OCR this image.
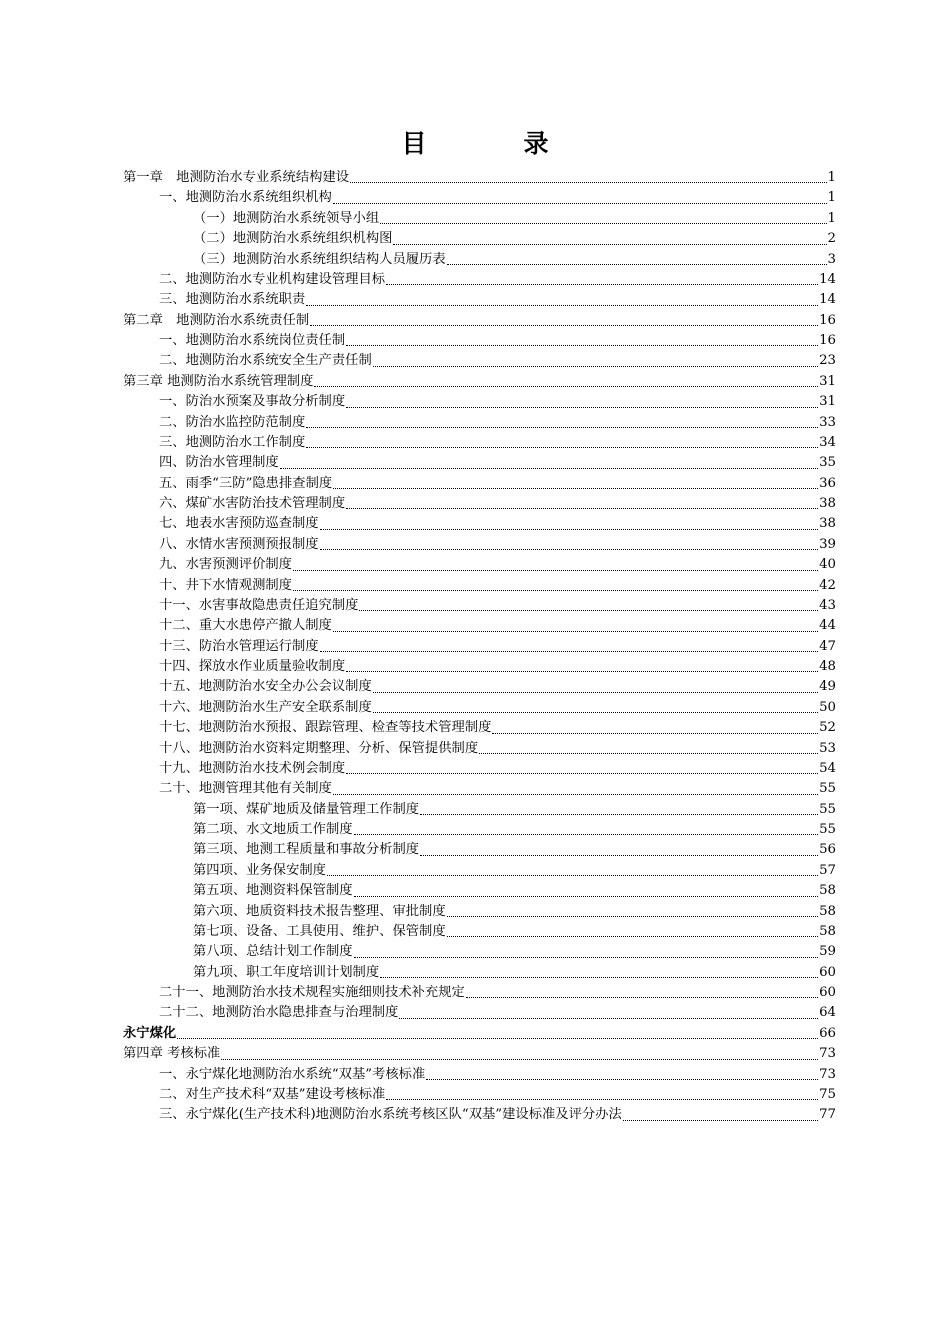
目　录
第一章　地测防治水专业系统结构建设	1
一、地测防治水系统组织机构	1
（一）地测防治水系统领导小组	1
（二）地测防治水系统组织机构图	2
（三）地测防治水系统组织结构人员履历表	3
二、地测防治水专业机构建设管理目标	14
三、地测防治水系统职责	14
第二章　地测防治水系统责任制	16
一、地测防治水系统岗位责任制	16
二、地测防治水系统安全生产责任制	23
第三章 地测防治水系统管理制度	31
一、防治水预案及事故分析制度	31
二、防治水监控防范制度	33
三、地测防治水工作制度	34
四、防治水管理制度	35
五、雨季“三防”隐患排查制度	36
六、煤矿水害防治技术管理制度	38
七、地表水害预防巡查制度	38
八、水情水害预测预报制度	39
九、水害预测评价制度	40
十、井下水情观测制度	42
十一、水害事故隐患责任追究制度	43
十二、重大水患停产撤人制度	44
十三、防治水管理运行制度	47
十四、探放水作业质量验收制度	48
十五、地测防治水安全办公会议制度	49
十六、地测防治水生产安全联系制度	50
十七、地测防治水预报、跟踪管理、检查等技术管理制度	52
十八、地测防治水资料定期整理、分析、保管提供制度	53
十九、地测防治水技术例会制度	54
二十、地测管理其他有关制度	55
第一项、煤矿地质及储量管理工作制度	55
第二项、水文地质工作制度	55
第三项、地测工程质量和事故分析制度	56
第四项、业务保安制度	57
第五项、地测资料保管制度	58
第六项、地质资料技术报告整理、审批制度	58
第七项、设备、工具使用、维护、保管制度	58
第八项、总结计划工作制度	59
第九项、职工年度培训计划制度	60
二十一、地测防治水技术规程实施细则技术补充规定	60
二十二、地测防治水隐患排查与治理制度	64
永宁煤化	66
第四章 考核标准	73
一、永宁煤化地测防治水系统“双基”考核标准	73
二、对生产技术科“双基”建设考核标准	75
三、永宁煤化(生产技术科)地测防治水系统考核区队“双基”建设标准及评分办法	77
